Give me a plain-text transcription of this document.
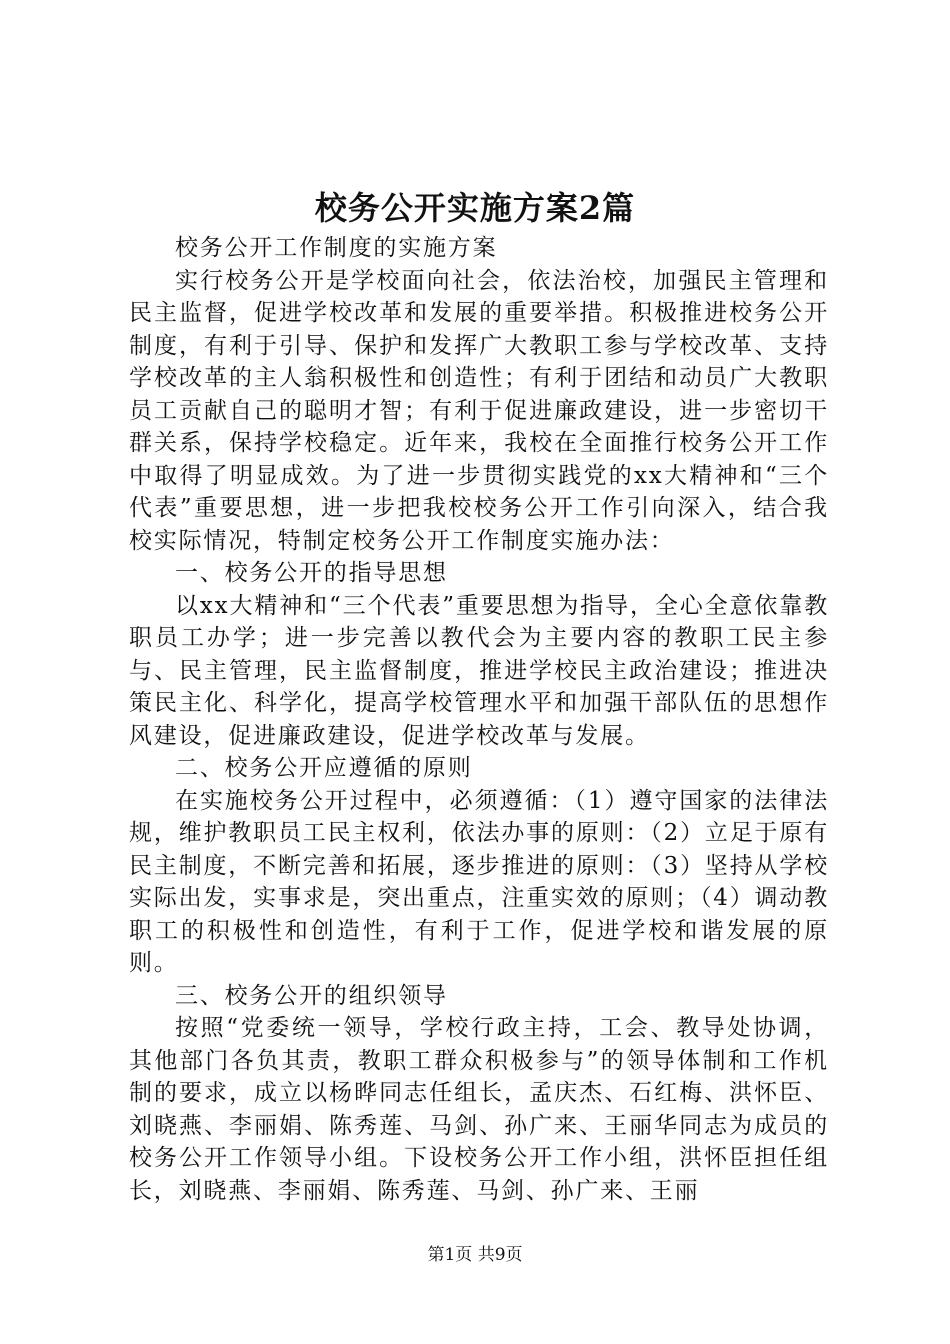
校务公开实施方案2篇

校务公开工作制度的实施方案

实行校务公开是学校面向社会，依法治校，加强民主管理和民主监督，促进学校改革和发展的重要举措。积极推进校务公开制度，有利于引导、保护和发挥广大教职工参与学校改革、支持学校改革的主人翁积极性和创造性；有利于团结和动员广大教职员工贡献自己的聪明才智；有利于促进廉政建设，进一步密切干群关系，保持学校稳定。近年来，我校在全面推行校务公开工作中取得了明显成效。为了进一步贯彻实践党的xx大精神和“三个代表”重要思想，进一步把我校校务公开工作引向深入，结合我校实际情况，特制定校务公开工作制度实施办法：

一、校务公开的指导思想

以xx大精神和“三个代表”重要思想为指导，全心全意依靠教职员工办学；进一步完善以教代会为主要内容的教职工民主参与、民主管理，民主监督制度，推进学校民主政治建设；推进决策民主化、科学化，提高学校管理水平和加强干部队伍的思想作风建设，促进廉政建设，促进学校改革与发展。

二、校务公开应遵循的原则

在实施校务公开过程中，必须遵循：（1）遵守国家的法律法规，维护教职员工民主权利，依法办事的原则：（2）立足于原有民主制度，不断完善和拓展，逐步推进的原则：（3）坚持从学校实际出发，实事求是，突出重点，注重实效的原则；（4）调动教职工的积极性和创造性，有利于工作，促进学校和谐发展的原则。

三、校务公开的组织领导

按照“党委统一领导，学校行政主持，工会、教导处协调，其他部门各负其责，教职工群众积极参与”的领导体制和工作机制的要求，成立以杨晔同志任组长，孟庆杰、石红梅、洪怀臣、刘晓燕、李丽娟、陈秀莲、马剑、孙广来、王丽华同志为成员的校务公开工作领导小组。下设校务公开工作小组，洪怀臣担任组长，刘晓燕、李丽娟、陈秀莲、马剑、孙广来、王丽

第1页 共9页
